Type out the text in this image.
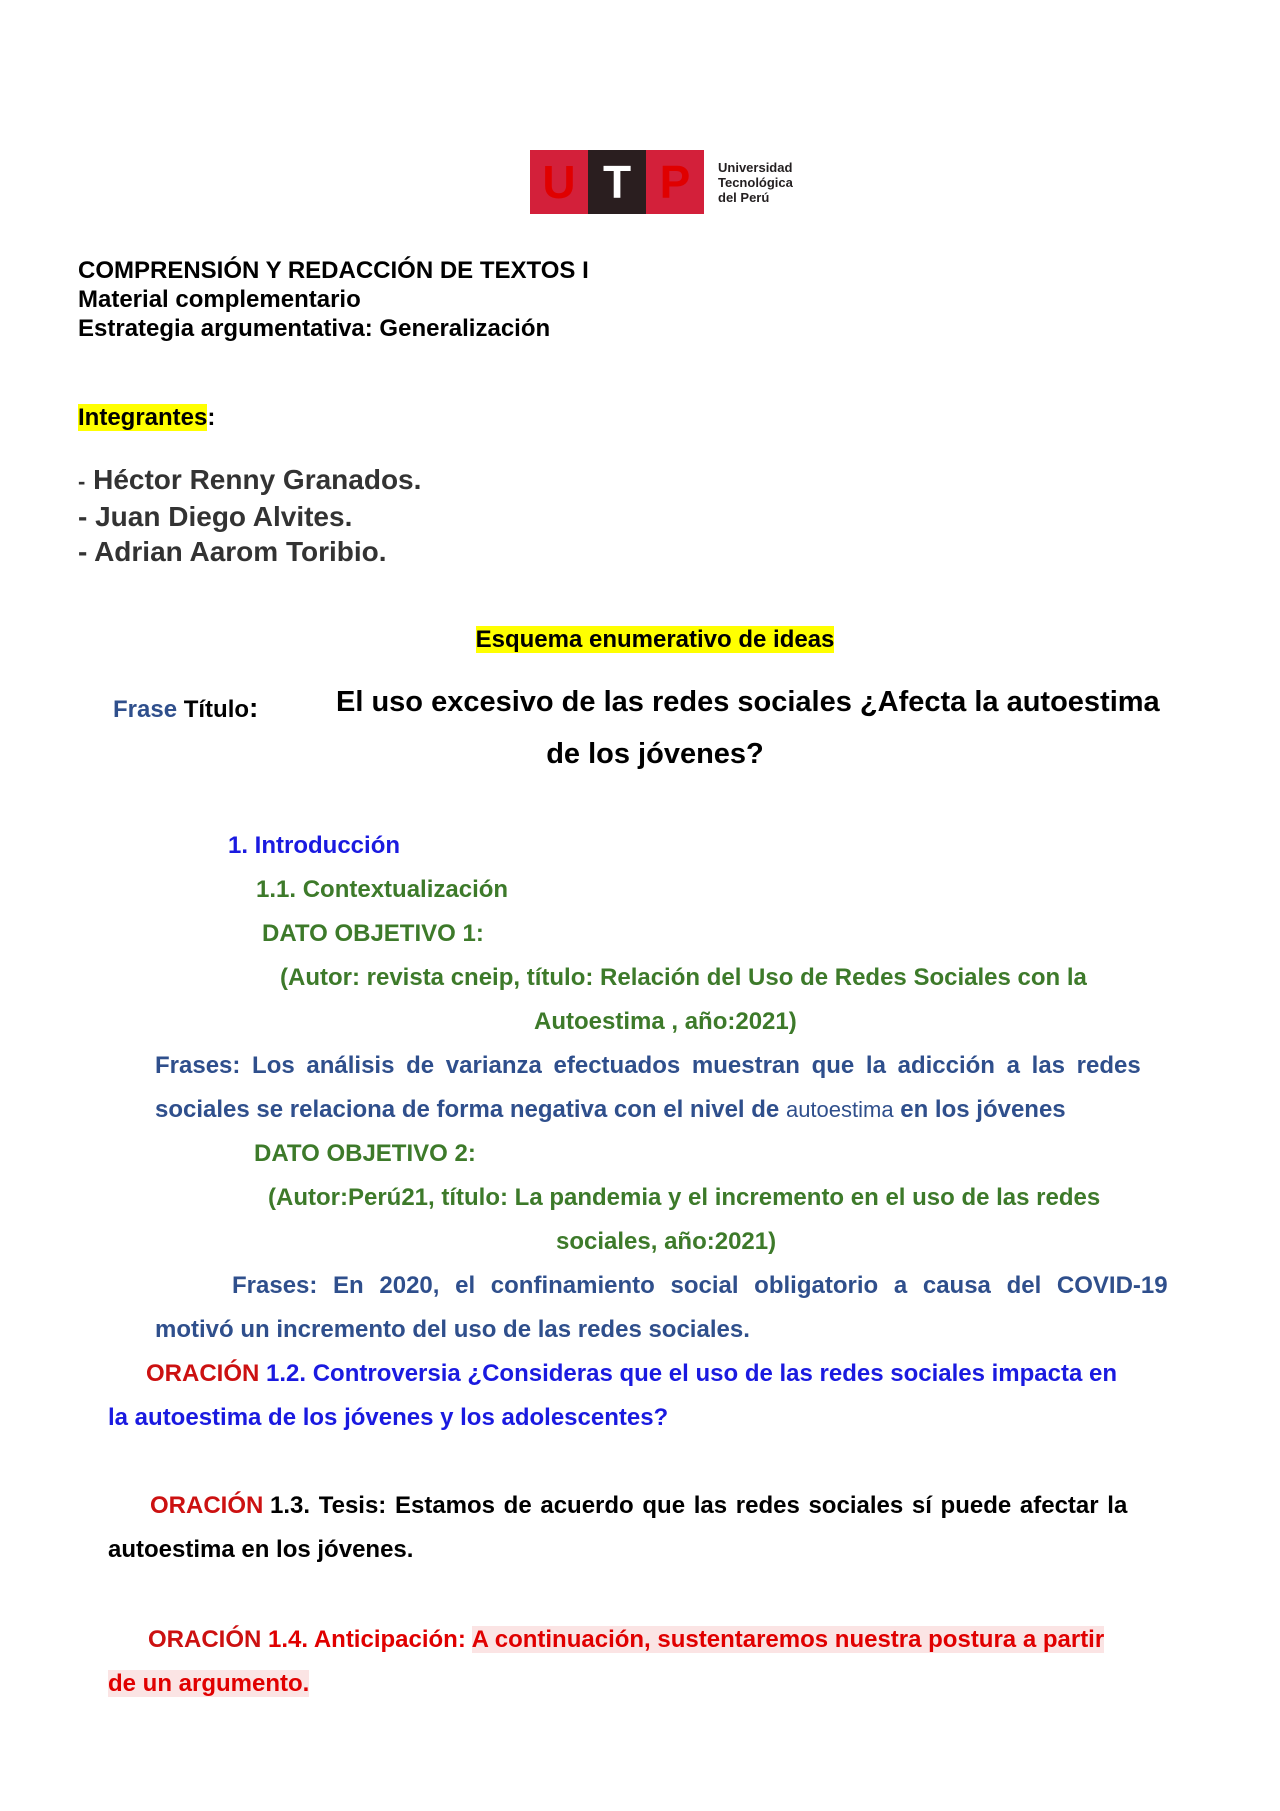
U T P	Universidad
Tecnológica
del Perú
COMPRENSIÓN Y REDACCIÓN DE TEXTOS I
Material complementario
Estrategia argumentativa: Generalización
Integrantes:
- Héctor Renny Granados.
- Juan Diego Alvites.
- Adrian Aarom Toribio.
Esquema enumerativo de ideas
Frase Título:	El uso excesivo de las redes sociales ¿Afecta la autoestima
de los jóvenes?
1. Introducción
1.1. Contextualización
DATO OBJETIVO 1:
(Autor: revista cneip, título: Relación del Uso de Redes Sociales con la
Autoestima , año:2021)
Frases: Los análisis de varianza efectuados muestran que la adicción a las redes
sociales se relaciona de forma negativa con el nivel de autoestima en los jóvenes
DATO OBJETIVO 2:
(Autor:Perú21, título: La pandemia y el incremento en el uso de las redes
sociales, año:2021)
Frases: En 2020, el confinamiento social obligatorio a causa del COVID-19
motivó un incremento del uso de las redes sociales.
ORACIÓN 1.2. Controversia ¿Consideras que el uso de las redes sociales impacta en
la autoestima de los jóvenes y los adolescentes?
ORACIÓN 1.3. Tesis: Estamos de acuerdo que las redes sociales sí puede afectar la
autoestima en los jóvenes.
ORACIÓN 1.4. Anticipación: A continuación, sustentaremos nuestra postura a partir
de un argumento.
